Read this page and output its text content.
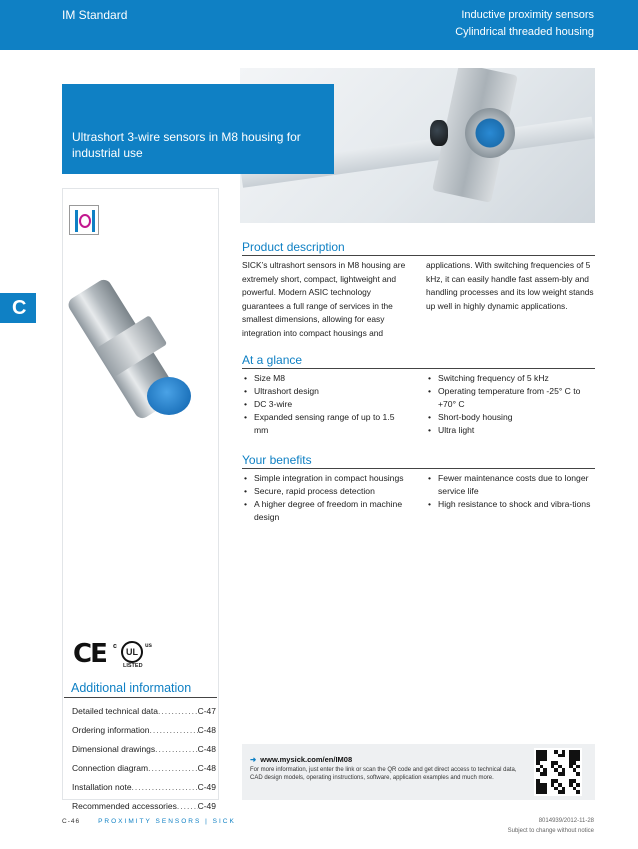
IM Standard	Inductive proximity sensors
Cylindrical threaded housing
Ultrashort 3-wire sensors in M8 housing for industrial use
C
CE c
UL
us
LISTED
Additional information
Detailed technical data .....	C-47
Ordering information .....	C-48
Dimensional drawings .....	C-48
Connection diagram .....	C-48
Installation note .....	C-49
Recommended accessories ..... C-49
Product description

SICK’s ultrashort sensors in M8 housing are extremely short, compact, lightweight and powerful. Modern ASIC technology guarantees a full range of services in the smallest dimensions, allowing for easy integration into compact housings and

applications. With switching frequencies of 5 kHz, it can easily handle fast assem-bly and handling processes and its low weight stands up well in highly dynamic applications.

At a glance
• Size M8
• Ultrashort design
• DC 3-wire
• Expanded sensing range of up to 1.5 mm
• Switching frequency of 5 kHz
• Operating temperature from -25° C to +70° C
• Short-body housing
• Ultra light
Your benefits
• Simple integration in compact housings
• Secure, rapid process detection
• A higher degree of freedom in machine design
• Fewer maintenance costs due to longer service life
• High resistance to shock and vibra-tions
➜ www.mysick.com/en/IM08
For more information, just enter the link or scan the QR code and get direct access to technical data, CAD design models, operating instructions, software, application examples and much more.
C-46	PROXIMITY SENSORS | SICK	8014939/2012-11-28
Subject to change without notice
